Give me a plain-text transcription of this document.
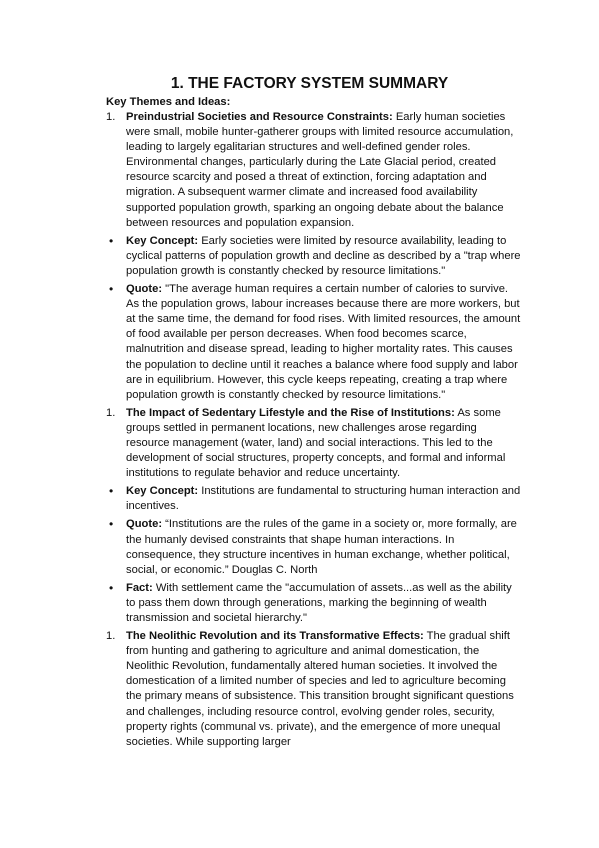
1. THE FACTORY SYSTEM SUMMARY
Key Themes and Ideas:
1. Preindustrial Societies and Resource Constraints: Early human societies were small, mobile hunter-gatherer groups with limited resource accumulation, leading to largely egalitarian structures and well-defined gender roles. Environmental changes, particularly during the Late Glacial period, created resource scarcity and posed a threat of extinction, forcing adaptation and migration. A subsequent warmer climate and increased food availability supported population growth, sparking an ongoing debate about the balance between resources and population expansion.
•	Key Concept: Early societies were limited by resource availability, leading to cyclical patterns of population growth and decline as described by a "trap where population growth is constantly checked by resource limitations."
•	Quote: "The average human requires a certain number of calories to survive. As the population grows, labour increases because there are more workers, but at the same time, the demand for food rises. With limited resources, the amount of food available per person decreases. When food becomes scarce, malnutrition and disease spread, leading to higher mortality rates. This causes the population to decline until it reaches a balance where food supply and labor are in equilibrium. However, this cycle keeps repeating, creating a trap where population growth is constantly checked by resource limitations."
1. The Impact of Sedentary Lifestyle and the Rise of Institutions: As some groups settled in permanent locations, new challenges arose regarding resource management (water, land) and social interactions. This led to the development of social structures, property concepts, and formal and informal institutions to regulate behavior and reduce uncertainty.
•	Key Concept: Institutions are fundamental to structuring human interaction and incentives.
•	Quote: “Institutions are the rules of the game in a society or, more formally, are the humanly devised constraints that shape human interactions. In consequence, they structure incentives in human exchange, whether political, social, or economic.” Douglas C. North
•	Fact: With settlement came the "accumulation of assets...as well as the ability to pass them down through generations, marking the beginning of wealth transmission and societal hierarchy."
1. The Neolithic Revolution and its Transformative Effects: The gradual shift from hunting and gathering to agriculture and animal domestication, the Neolithic Revolution, fundamentally altered human societies. It involved the domestication of a limited number of species and led to agriculture becoming the primary means of subsistence. This transition brought significant questions and challenges, including resource control, evolving gender roles, security, property rights (communal vs. private), and the emergence of more unequal societies. While supporting larger
